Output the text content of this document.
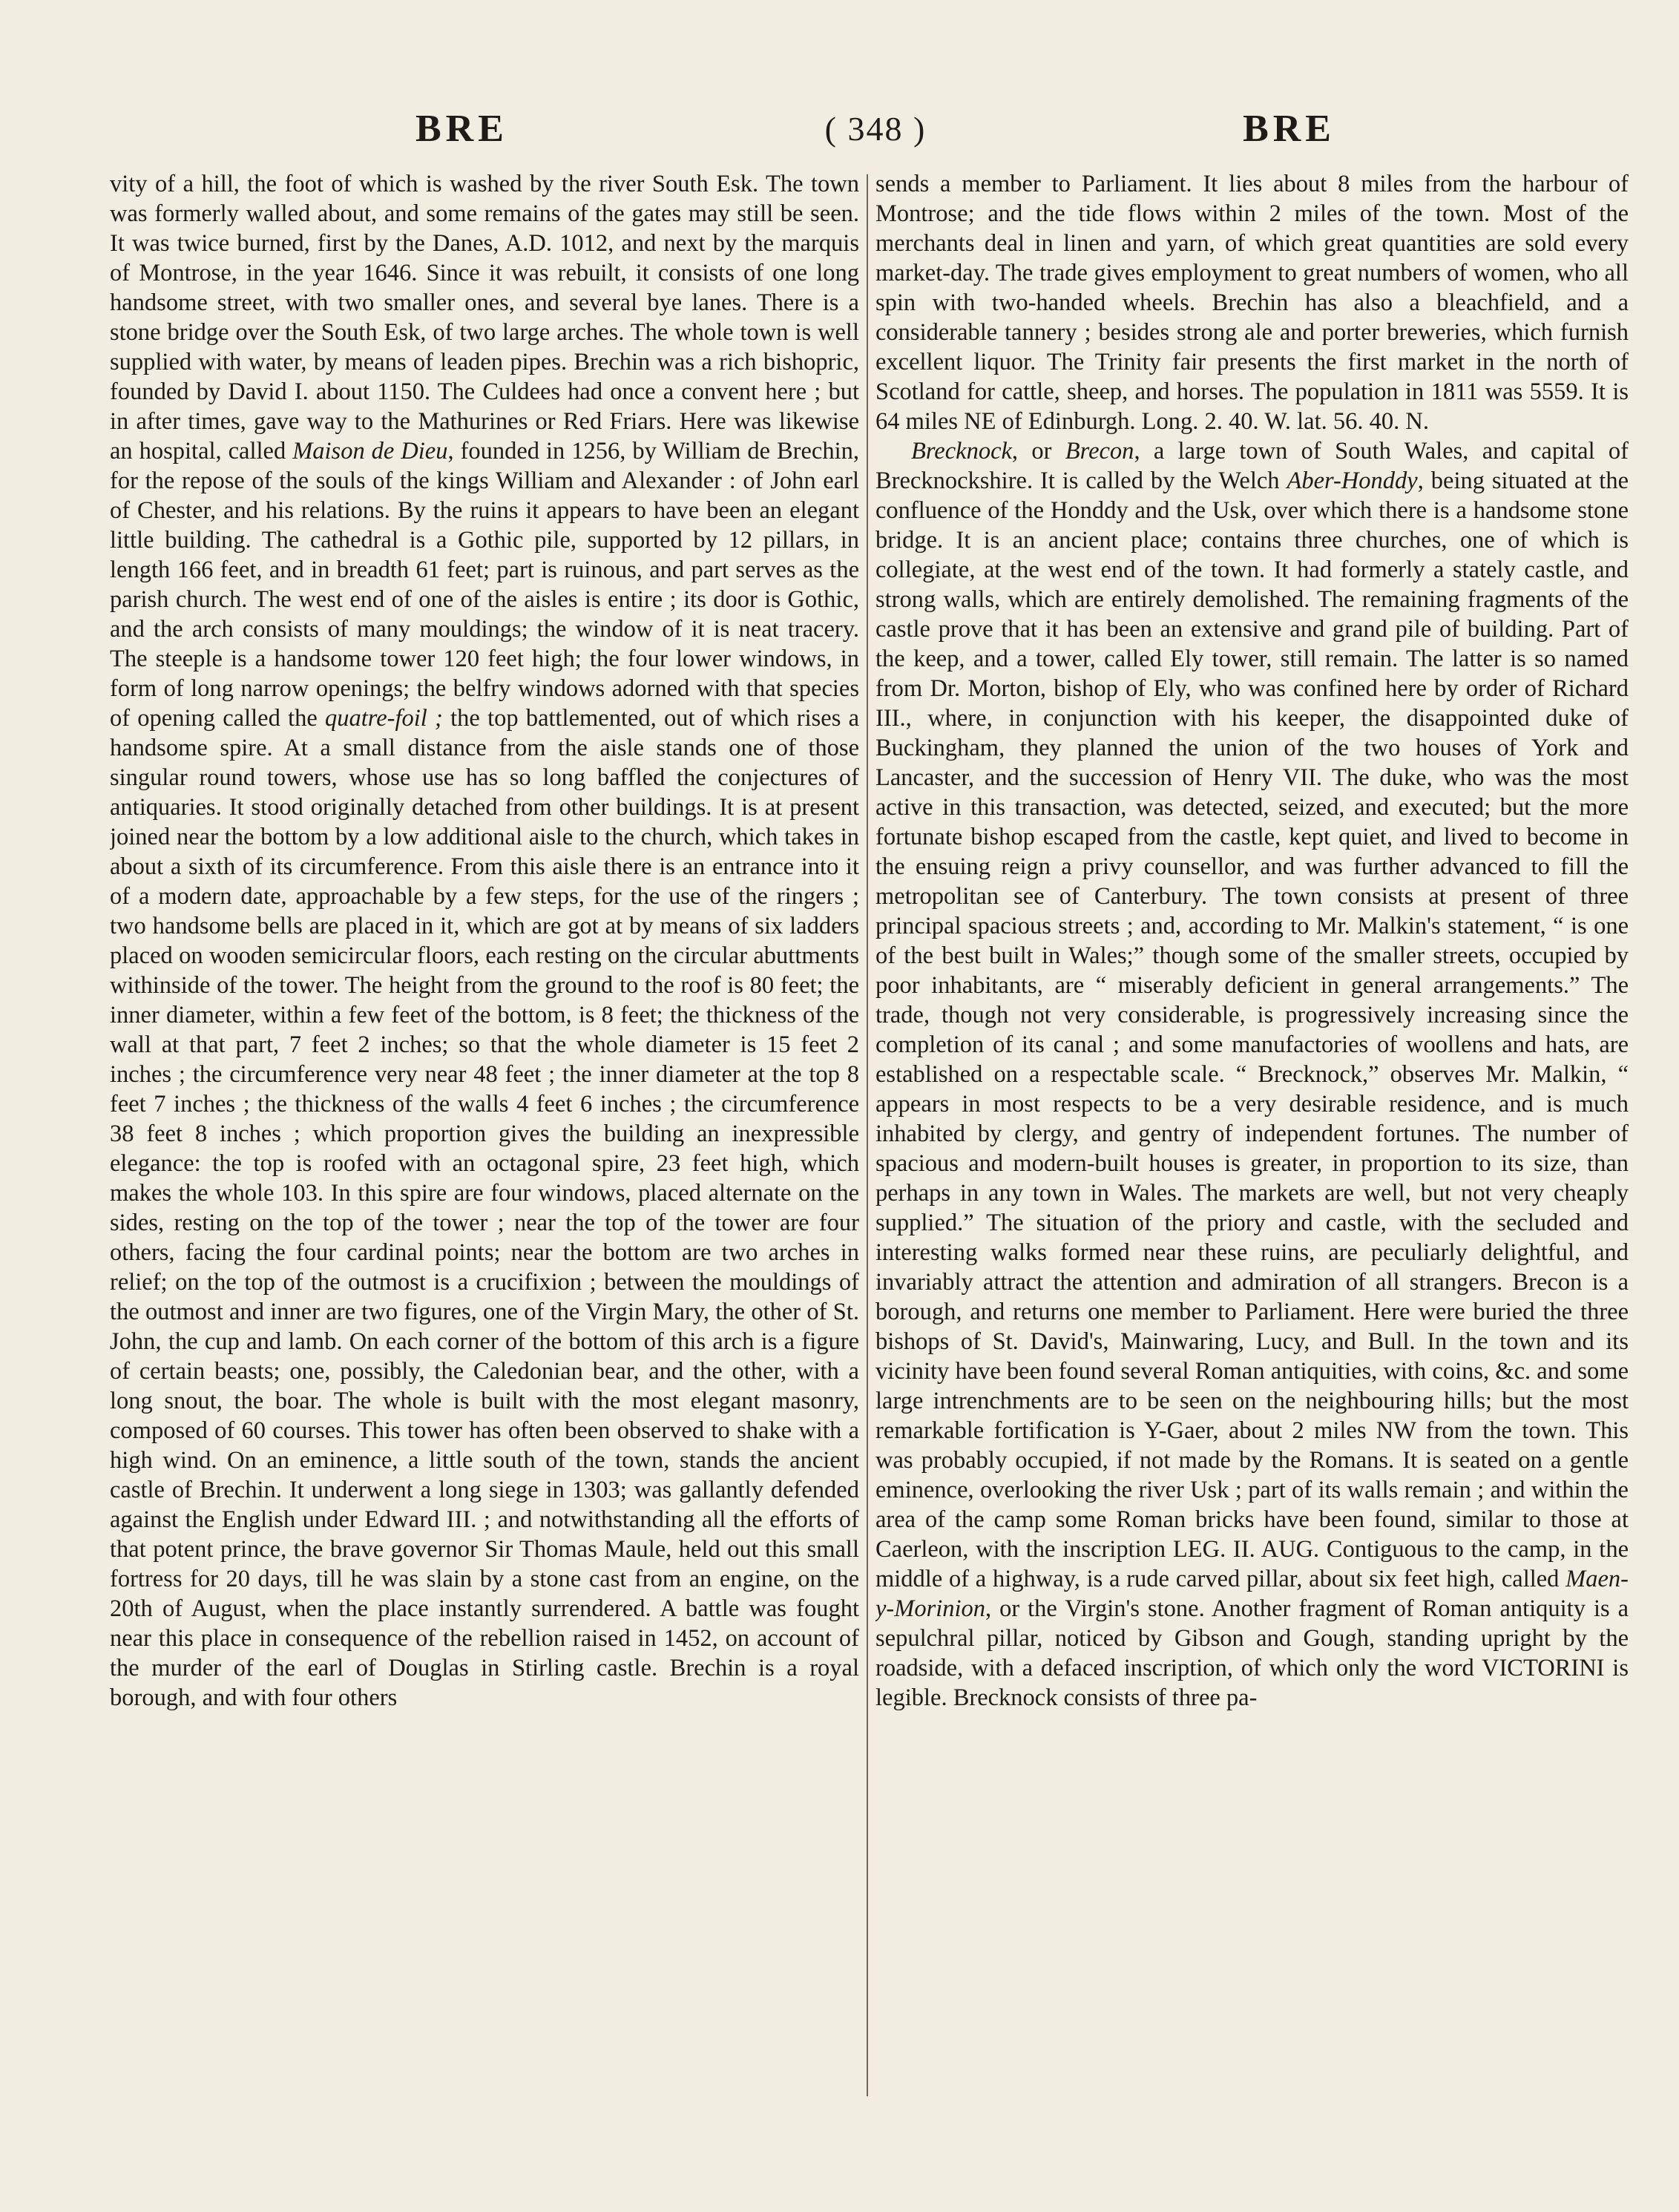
BRE	( 348 )	BRE

vity of a hill, the foot of which is washed by the river South Esk. The town was formerly walled about, and some remains of the gates may still be seen. It was twice burned, first by the Danes, A.D. 1012, and next by the marquis of Montrose, in the year 1646. Since it was rebuilt, it consists of one long handsome street, with two smaller ones, and several bye lanes. There is a stone bridge over the South Esk, of two large arches. The whole town is well supplied with water, by means of leaden pipes. Brechin was a rich bishopric, founded by David I. about 1150. The Culdees had once a convent here ; but in after times, gave way to the Mathurines or Red Friars. Here was likewise an hospital, called Maison de Dieu, founded in 1256, by William de Brechin, for the repose of the souls of the kings William and Alexander : of John earl of Chester, and his relations. By the ruins it appears to have been an elegant little building. The cathedral is a Gothic pile, supported by 12 pillars, in length 166 feet, and in breadth 61 feet; part is ruinous, and part serves as the parish church. The west end of one of the aisles is entire ; its door is Gothic, and the arch consists of many mouldings; the window of it is neat tracery. The steeple is a handsome tower 120 feet high; the four lower windows, in form of long narrow openings; the belfry windows adorned with that species of opening called the quatre-foil ; the top battlemented, out of which rises a handsome spire. At a small distance from the aisle stands one of those singular round towers, whose use has so long baffled the conjectures of antiquaries. It stood originally detached from other buildings. It is at present joined near the bottom by a low additional aisle to the church, which takes in about a sixth of its circumference. From this aisle there is an entrance into it of a modern date, approachable by a few steps, for the use of the ringers ; two handsome bells are placed in it, which are got at by means of six ladders placed on wooden semicircular floors, each resting on the circular abuttments withinside of the tower. The height from the ground to the roof is 80 feet; the inner diameter, within a few feet of the bottom, is 8 feet; the thickness of the wall at that part, 7 feet 2 inches; so that the whole diameter is 15 feet 2 inches ; the circumference very near 48 feet ; the inner diameter at the top 8 feet 7 inches ; the thickness of the walls 4 feet 6 inches ; the circumference 38 feet 8 inches ; which proportion gives the building an inexpressible elegance: the top is roofed with an octagonal spire, 23 feet high, which makes the whole 103. In this spire are four windows, placed alternate on the sides, resting on the top of the tower ; near the top of the tower are four others, facing the four cardinal points; near the bottom are two arches in relief; on the top of the outmost is a crucifixion ; between the mouldings of the outmost and inner are two figures, one of the Virgin Mary, the other of St. John, the cup and lamb. On each corner of the bottom of this arch is a figure of certain beasts; one, possibly, the Caledonian bear, and the other, with a long snout, the boar. The whole is built with the most elegant masonry, composed of 60 courses. This tower has often been observed to shake with a high wind. On an eminence, a little south of the town, stands the ancient castle of Brechin. It underwent a long siege in 1303; was gallantly defended against the English under Edward III. ; and notwithstanding all the efforts of that potent prince, the brave governor Sir Thomas Maule, held out this small fortress for 20 days, till he was slain by a stone cast from an engine, on the 20th of August, when the place instantly surrendered. A battle was fought near this place in consequence of the rebellion raised in 1452, on account of the murder of the earl of Douglas in Stirling castle. Brechin is a royal borough, and with four others

sends a member to Parliament. It lies about 8 miles from the harbour of Montrose; and the tide flows within 2 miles of the town. Most of the merchants deal in linen and yarn, of which great quantities are sold every market-day. The trade gives employment to great numbers of women, who all spin with two-handed wheels. Brechin has also a bleachfield, and a considerable tannery ; besides strong ale and porter breweries, which furnish excellent liquor. The Trinity fair presents the first market in the north of Scotland for cattle, sheep, and horses. The population in 1811 was 5559. It is 64 miles NE of Edinburgh. Long. 2. 40. W. lat. 56. 40. N.

Brecknock, or Brecon, a large town of South Wales, and capital of Brecknockshire. It is called by the Welch Aber-Honddy, being situated at the confluence of the Honddy and the Usk, over which there is a handsome stone bridge. It is an ancient place; contains three churches, one of which is collegiate, at the west end of the town. It had formerly a stately castle, and strong walls, which are entirely demolished. The remaining fragments of the castle prove that it has been an extensive and grand pile of building. Part of the keep, and a tower, called Ely tower, still remain. The latter is so named from Dr. Morton, bishop of Ely, who was confined here by order of Richard III., where, in conjunction with his keeper, the disappointed duke of Buckingham, they planned the union of the two houses of York and Lancaster, and the succession of Henry VII. The duke, who was the most active in this transaction, was detected, seized, and executed; but the more fortunate bishop escaped from the castle, kept quiet, and lived to become in the ensuing reign a privy counsellor, and was further advanced to fill the metropolitan see of Canterbury. The town consists at present of three principal spacious streets ; and, according to Mr. Malkin's statement, “ is one of the best built in Wales;” though some of the smaller streets, occupied by poor inhabitants, are “ miserably deficient in general arrangements.” The trade, though not very considerable, is progressively increasing since the completion of its canal ; and some manufactories of woollens and hats, are established on a respectable scale. “ Brecknock,” observes Mr. Malkin, “ appears in most respects to be a very desirable residence, and is much inhabited by clergy, and gentry of independent fortunes. The number of spacious and modern-built houses is greater, in proportion to its size, than perhaps in any town in Wales. The markets are well, but not very cheaply supplied.” The situation of the priory and castle, with the secluded and interesting walks formed near these ruins, are peculiarly delightful, and invariably attract the attention and admiration of all strangers. Brecon is a borough, and returns one member to Parliament. Here were buried the three bishops of St. David's, Mainwaring, Lucy, and Bull. In the town and its vicinity have been found several Roman antiquities, with coins, &c. and some large intrenchments are to be seen on the neighbouring hills; but the most remarkable fortification is Y-Gaer, about 2 miles NW from the town. This was probably occupied, if not made by the Romans. It is seated on a gentle eminence, overlooking the river Usk ; part of its walls remain ; and within the area of the camp some Roman bricks have been found, similar to those at Caerleon, with the inscription LEG. II. AUG. Contiguous to the camp, in the middle of a highway, is a rude carved pillar, about six feet high, called Maen-y-Morinion, or the Virgin's stone. Another fragment of Roman antiquity is a sepulchral pillar, noticed by Gibson and Gough, standing upright by the roadside, with a defaced inscription, of which only the word VICTORINI is legible. Brecknock consists of three pa-
